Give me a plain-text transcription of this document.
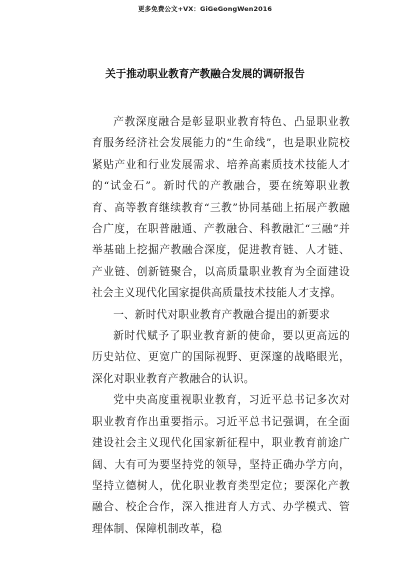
更多免费公文+VX：GiGeGongWen2016
关于推动职业教育产教融合发展的调研报告

产教深度融合是彰显职业教育特色、凸显职业教育服务经济社会发展能力的“生命线”，也是职业院校紧贴产业和行业发展需求、培养高素质技术技能人才的“试金石”。新时代的产教融合，要在统筹职业教育、高等教育继续教育“三教”协同基础上拓展产教融合广度，在职普融通、产教融合、科教融汇“三融”并举基础上挖掘产教融合深度，促进教育链、人才链、产业链、创新链聚合，以高质量职业教育为全面建设社会主义现代化国家提供高质量技术技能人才支撑。

一、新时代对职业教育产教融合提出的新要求

新时代赋予了职业教育新的使命，要以更高远的历史站位、更宽广的国际视野、更深邃的战略眼光，深化对职业教育产教融合的认识。

党中央高度重视职业教育，习近平总书记多次对职业教育作出重要指示。习近平总书记强调，在全面建设社会主义现代化国家新征程中，职业教育前途广阔、大有可为要坚持党的领导，坚持正确办学方向，坚持立德树人，优化职业教育类型定位；要深化产教融合、校企合作，深入推进育人方式、办学模式、管理体制、保障机制改革，稳
